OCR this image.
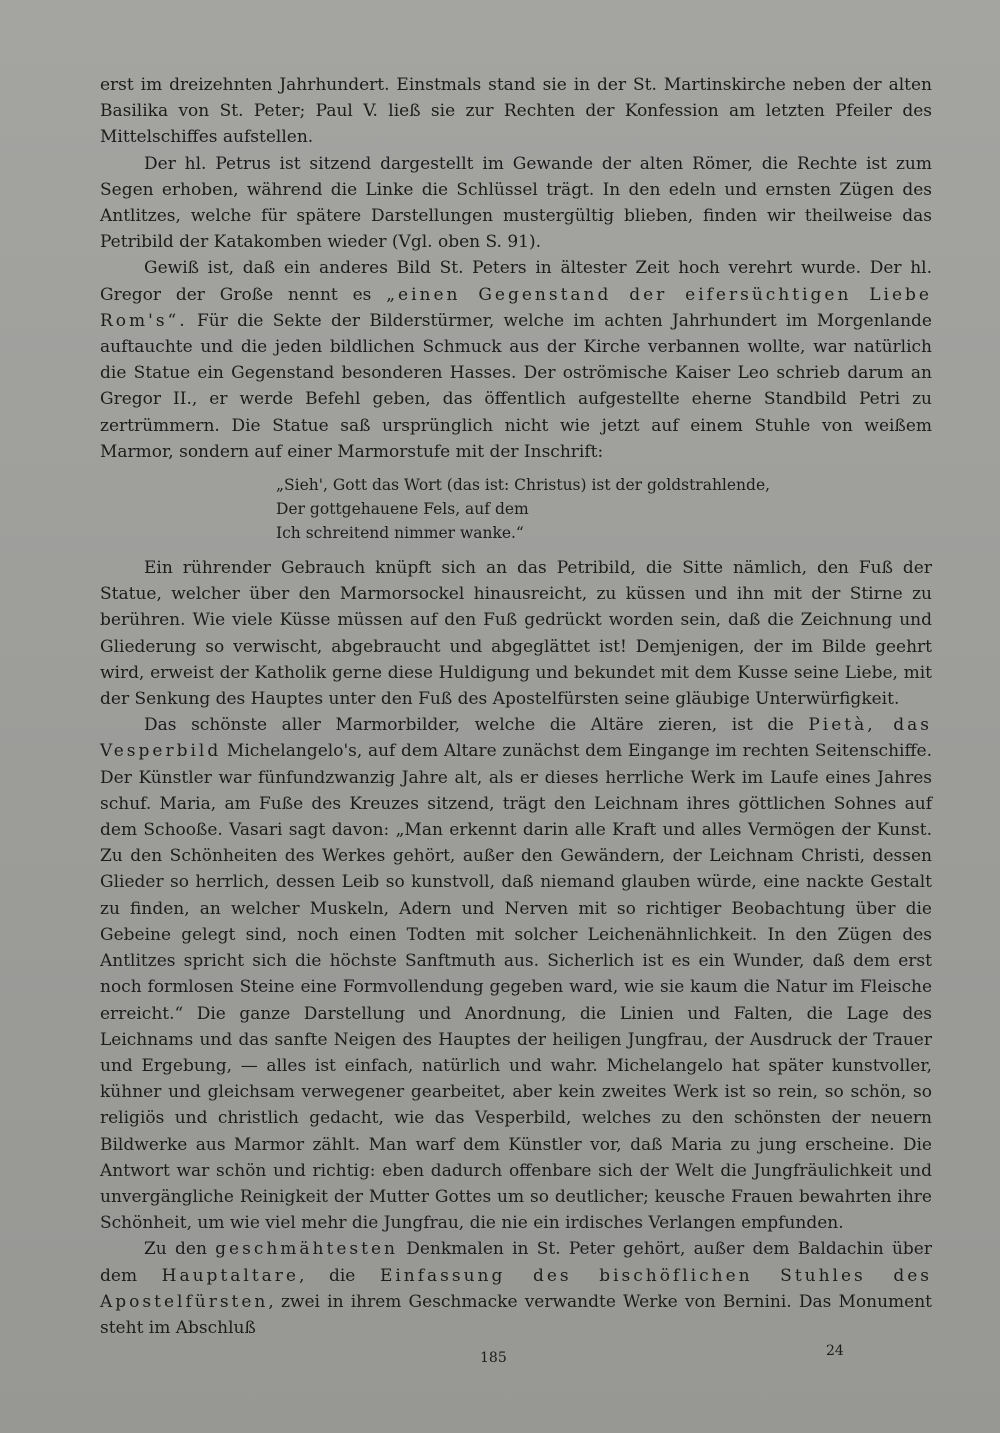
erst im dreizehnten Jahrhundert. Einstmals stand sie in der St. Martinskirche neben der alten Basilika von St. Peter; Paul V. ließ sie zur Rechten der Konfession am letzten Pfeiler des Mittelschiffes aufstellen.

Der hl. Petrus ist sitzend dargestellt im Gewande der alten Römer, die Rechte ist zum Segen erhoben, während die Linke die Schlüssel trägt. In den edeln und ernsten Zügen des Antlitzes, welche für spätere Darstellungen mustergültig blieben, finden wir theilweise das Petribild der Katakomben wieder (Vgl. oben S. 91).

Gewiß ist, daß ein anderes Bild St. Peters in ältester Zeit hoch verehrt wurde. Der hl. Gregor der Große nennt es „einen Gegenstand der eifersüchtigen Liebe Rom's“. Für die Sekte der Bilderstürmer, welche im achten Jahrhundert im Morgenlande auftauchte und die jeden bildlichen Schmuck aus der Kirche verbannen wollte, war natürlich die Statue ein Gegenstand besonderen Hasses. Der oströmische Kaiser Leo schrieb darum an Gregor II., er werde Befehl geben, das öffentlich aufgestellte eherne Standbild Petri zu zertrümmern. Die Statue saß ursprünglich nicht wie jetzt auf einem Stuhle von weißem Marmor, sondern auf einer Marmorstufe mit der Inschrift:

„Sieh', Gott das Wort (das ist: Christus) ist der goldstrahlende,
Der gottgehauene Fels, auf dem
Ich schreitend nimmer wanke.“

Ein rührender Gebrauch knüpft sich an das Petribild, die Sitte nämlich, den Fuß der Statue, welcher über den Marmorsockel hinausreicht, zu küssen und ihn mit der Stirne zu berühren. Wie viele Küsse müssen auf den Fuß gedrückt worden sein, daß die Zeichnung und Gliederung so verwischt, abgebraucht und abgeglättet ist! Demjenigen, der im Bilde geehrt wird, erweist der Katholik gerne diese Huldigung und bekundet mit dem Kusse seine Liebe, mit der Senkung des Hauptes unter den Fuß des Apostelfürsten seine gläubige Unterwürfigkeit.

Das schönste aller Marmorbilder, welche die Altäre zieren, ist die Pietà, das Vesperbild Michelangelo's, auf dem Altare zunächst dem Eingange im rechten Seitenschiffe. Der Künstler war fünfundzwanzig Jahre alt, als er dieses herrliche Werk im Laufe eines Jahres schuf. Maria, am Fuße des Kreuzes sitzend, trägt den Leichnam ihres göttlichen Sohnes auf dem Schooße. Vasari sagt davon: „Man erkennt darin alle Kraft und alles Vermögen der Kunst. Zu den Schönheiten des Werkes gehört, außer den Gewändern, der Leichnam Christi, dessen Glieder so herrlich, dessen Leib so kunstvoll, daß niemand glauben würde, eine nackte Gestalt zu finden, an welcher Muskeln, Adern und Nerven mit so richtiger Beobachtung über die Gebeine gelegt sind, noch einen Todten mit solcher Leichenähnlichkeit. In den Zügen des Antlitzes spricht sich die höchste Sanftmuth aus. Sicherlich ist es ein Wunder, daß dem erst noch formlosen Steine eine Formvollendung gegeben ward, wie sie kaum die Natur im Fleische erreicht.“ Die ganze Darstellung und Anordnung, die Linien und Falten, die Lage des Leichnams und das sanfte Neigen des Hauptes der heiligen Jungfrau, der Ausdruck der Trauer und Ergebung, — alles ist einfach, natürlich und wahr. Michelangelo hat später kunstvoller, kühner und gleichsam verwegener gearbeitet, aber kein zweites Werk ist so rein, so schön, so religiös und christlich gedacht, wie das Vesperbild, welches zu den schönsten der neuern Bildwerke aus Marmor zählt. Man warf dem Künstler vor, daß Maria zu jung erscheine. Die Antwort war schön und richtig: eben dadurch offenbare sich der Welt die Jungfräulichkeit und unvergängliche Reinigkeit der Mutter Gottes um so deutlicher; keusche Frauen bewahrten ihre Schönheit, um wie viel mehr die Jungfrau, die nie ein irdisches Verlangen empfunden.

Zu den geschmähtesten Denkmalen in St. Peter gehört, außer dem Baldachin über dem Hauptaltare, die Einfassung des bischöflichen Stuhles des Apostelfürsten, zwei in ihrem Geschmacke verwandte Werke von Bernini. Das Monument steht im Abschluß

185	24
